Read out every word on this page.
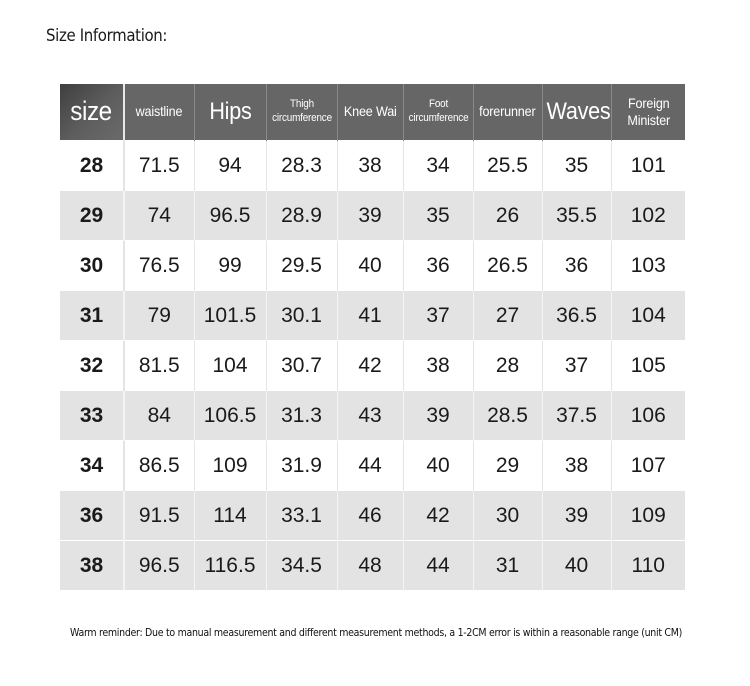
Size Information:
size	waistline	Hips	Thigh circumference	Knee Wai	Foot circumference	forerunner	Waves	Foreign Minister
28	71.5	94	28.3	38	34	25.5	35	101
29	74	96.5	28.9	39	35	26	35.5	102
30	76.5	99	29.5	40	36	26.5	36	103
31	79	101.5	30.1	41	37	27	36.5	104
32	81.5	104	30.7	42	38	28	37	105
33	84	106.5	31.3	43	39	28.5	37.5	106
34	86.5	109	31.9	44	40	29	38	107
36	91.5	114	33.1	46	42	30	39	109
38	96.5	116.5	34.5	48	44	31	40	110
Warm reminder: Due to manual measurement and different measurement methods, a 1-2CM error is within a reasonable range (unit CM)
